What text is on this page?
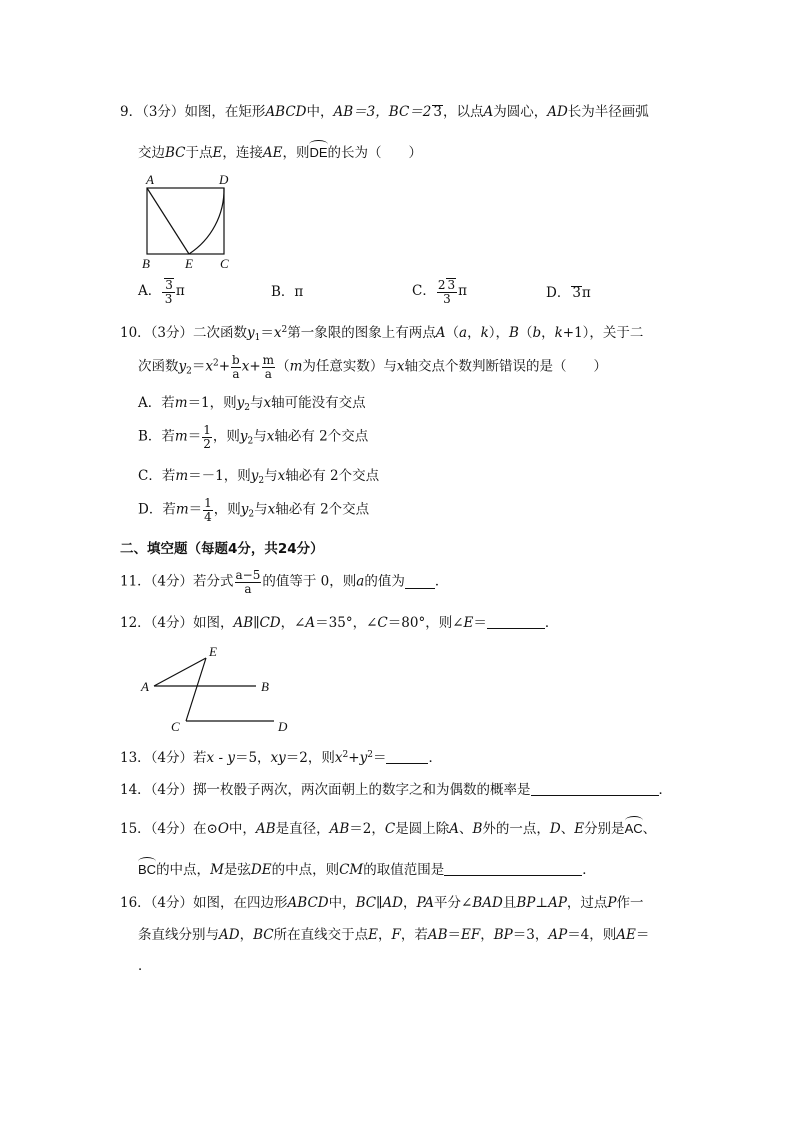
9．（3分）如图，在矩形ABCD中，AB＝3，BC＝2 3，以点A为圆心，AD长为半径画弧
交边BC于点E，连接AE，则DE的长为（　　）
A	D
B	E C
A． $\frac{3}{3}$ π	B．π	C． $\frac{2 3}{3}$ π	D． 3π
10．（3分）二次函数$y_1=x^2$第一象限的图象上有两点A（a，k），B（b，k+1），关于二
次函数$y_2=x^2+ \frac{b}{a} x+ \frac{m}{a} (m$为任意实数）与x轴交点个数判断错误的是（　　）
A．若m＝1，则$y_2$与x轴可能没有交点
B．若$m= \frac{1}{2}$ ，则$y_2$与x轴必有 2个交点
C．若m＝－1，则$y_2$与x轴必有 2个交点
D．若$m= \frac{1}{4}$ ，则$y_2$与x轴必有 2个交点
二、填空题（每题4分，共24分）
11．（4分）若分式 $\frac{a-5}{a}$ 的值等于 0，则a的值为 ．
12．（4分）如图，AB∥CD，∠A＝35°，∠C＝80°，则∠E＝	．
A	B
C	D
E
13．（4分）若x - y＝5，xy＝2，则$x^2+y^2=$	．
14．（4分）掷一枚骰子两次，两次面朝上的数字之和为偶数的概率是	．
15．（4分）在⊙O中，AB是直径，AB＝2，C是圆上除A、B外的一点，D、E分别是AC、
BC的中点，M是弦DE的中点，则CM的取值范围是	．
16．（4分）如图，在四边形ABCD中，BC∥AD，PA平分∠BAD且BP⊥AP，过点P作一
条直线分别与AD，BC所在直线交于点E，F，若AB＝EF，BP＝3，AP＝4，则AE＝
．
